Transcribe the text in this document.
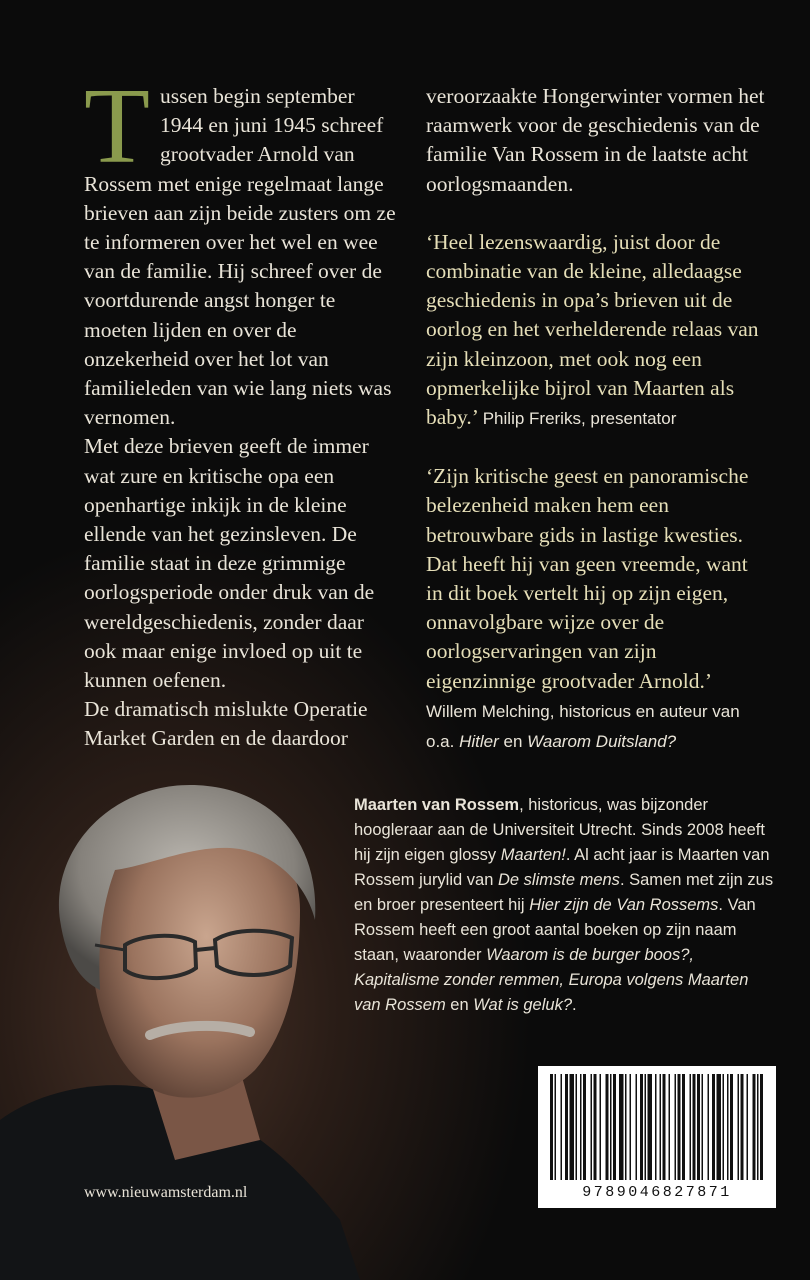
Tussen begin september 1944 en juni 1945 schreef grootvader Arnold van Rossem met enige regelmaat lange brieven aan zijn beide zusters om ze te informeren over het wel en wee van de familie. Hij schreef over de voortdurende angst honger te moeten lijden en over de onzekerheid over het lot van familieleden van wie lang niets was vernomen.

Met deze brieven geeft de immer wat zure en kritische opa een openhartige inkijk in de kleine ellende van het gezinsleven. De familie staat in deze grimmige oorlogsperiode onder druk van de wereldgeschiedenis, zonder daar ook maar enige invloed op uit te kunnen oefenen.

De dramatisch mislukte Operatie Market Garden en de daardoor

veroorzaakte Hongerwinter vormen het raamwerk voor de geschiedenis van de familie Van Rossem in de laatste acht oorlogsmaanden.

‘Heel lezenswaardig, juist door de combinatie van de kleine, alledaagse geschiedenis in opa’s brieven uit de oorlog en het verhelderende relaas van zijn kleinzoon, met ook nog een opmerkelijke bijrol van Maarten als baby.’ Philip Freriks, presentator

‘Zijn kritische geest en panoramische belezenheid maken hem een betrouwbare gids in lastige kwesties. Dat heeft hij van geen vreemde, want in dit boek vertelt hij op zijn eigen, onnavolgbare wijze over de oorlogservaringen van zijn eigenzinnige grootvader Arnold.’
Willem Melching, historicus en auteur van o.a. Hitler en Waarom Duitsland?

Maarten van Rossem, historicus, was bijzonder hoogleraar aan de Universiteit Utrecht. Sinds 2008 heeft hij zijn eigen glossy Maarten!. Al acht jaar is Maarten van Rossem jurylid van De slimste mens. Samen met zijn zus en broer presenteert hij Hier zijn de Van Rossems. Van Rossem heeft een groot aantal boeken op zijn naam staan, waaronder Waarom is de burger boos?, Kapitalisme zonder remmen, Europa volgens Maarten van Rossem en Wat is geluk?.

9789046827871
www.nieuwamsterdam.nl
